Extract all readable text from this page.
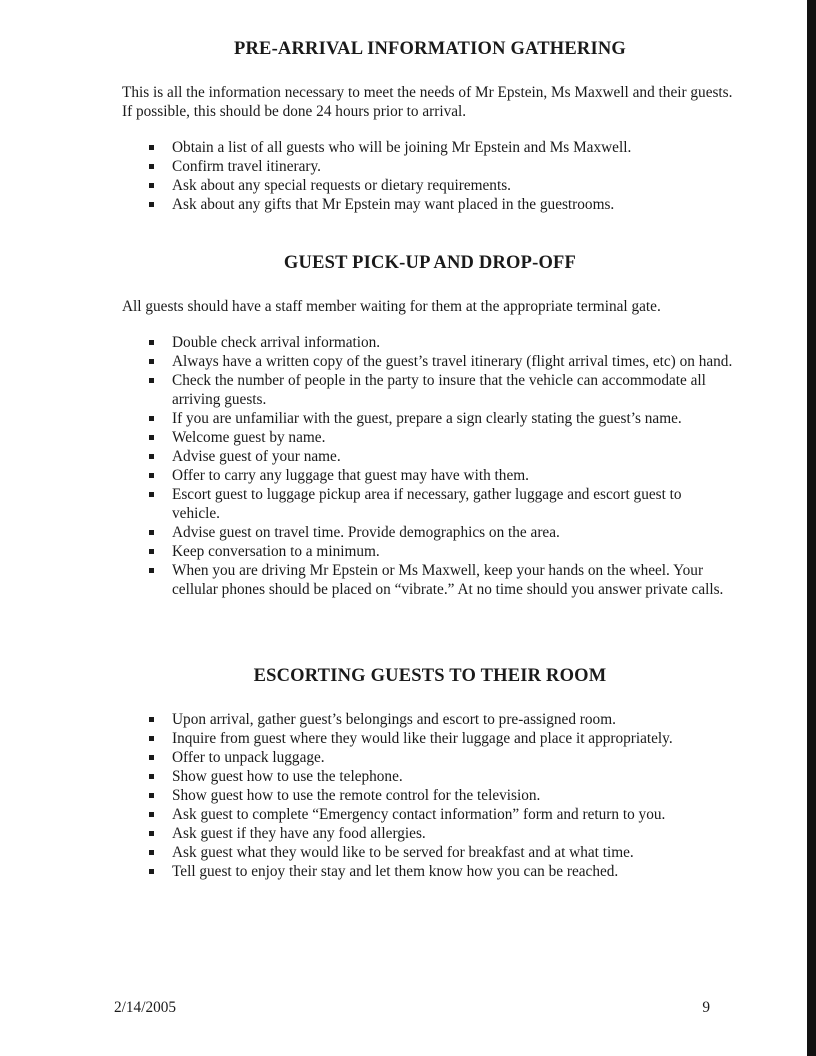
PRE-ARRIVAL INFORMATION GATHERING

This is all the information necessary to meet the needs of Mr Epstein, Ms Maxwell and their guests. If possible, this should be done 24 hours prior to arrival.

Obtain a list of all guests who will be joining Mr Epstein and Ms Maxwell.
Confirm travel itinerary.
Ask about any special requests or dietary requirements.
Ask about any gifts that Mr Epstein may want placed in the guestrooms.
GUEST PICK-UP AND DROP-OFF

All guests should have a staff member waiting for them at the appropriate terminal gate.

Double check arrival information.
Always have a written copy of the guest’s travel itinerary (flight arrival times, etc) on hand.
Check the number of people in the party to insure that the vehicle can accommodate all arriving guests.
If you are unfamiliar with the guest, prepare a sign clearly stating the guest’s name.
Welcome guest by name.
Advise guest of your name.
Offer to carry any luggage that guest may have with them.
Escort guest to luggage pickup area if necessary, gather luggage and escort guest to vehicle.
Advise guest on travel time. Provide demographics on the area.
Keep conversation to a minimum.
When you are driving Mr Epstein or Ms Maxwell, keep your hands on the wheel. Your cellular phones should be placed on “vibrate.” At no time should you answer private calls.
ESCORTING GUESTS TO THEIR ROOM
Upon arrival, gather guest’s belongings and escort to pre-assigned room.
Inquire from guest where they would like their luggage and place it appropriately.
Offer to unpack luggage.
Show guest how to use the telephone.
Show guest how to use the remote control for the television.
Ask guest to complete “Emergency contact information” form and return to you.
Ask guest if they have any food allergies.
Ask guest what they would like to be served for breakfast and at what time.
Tell guest to enjoy their stay and let them know how you can be reached.
2/14/2005	9
